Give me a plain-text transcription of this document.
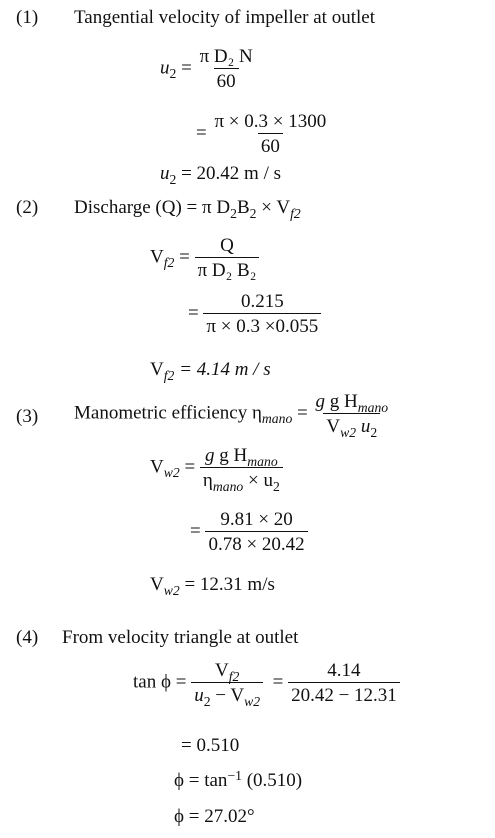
(1) Tangential velocity of impeller at outlet
$u_2 = \frac{\text{π D₂ N}}{60}$
= $\frac{\pi \times 0.3 \times 1300}{60}$
$u_2 = 20.42$ m / s
(2) Discharge (Q) = π $D_2B_2 \times V_{f2}$
$V_{f2} = \frac{Q}{\text{π D₂ B₂}}$
= $\frac{0.215}{\pi \times 0.3 \times 0.055}$
$V_{f2} = 4.14$ m / s
(3) Manometric efficiency $\eta_{mano} = \frac{g g H_{mano}}{V_{w2} u_2}$
$V_{w2} = \frac{g g H_{mano}}{\eta_{mano} \times u_2}$
= $\frac{9.81 \times 20}{0.78 \times 20.42}$
$V_{w2} = 12.31$ m/s
(4) From velocity triangle at outlet
$\tan \phi = \frac{V_{f2}}{u_2 - V_{w2}} = \frac{4.14}{20.42 - 12.31}$
= 0.510
$\phi = \tan^{-1} (0.510)$
ϕ = 27.02°
